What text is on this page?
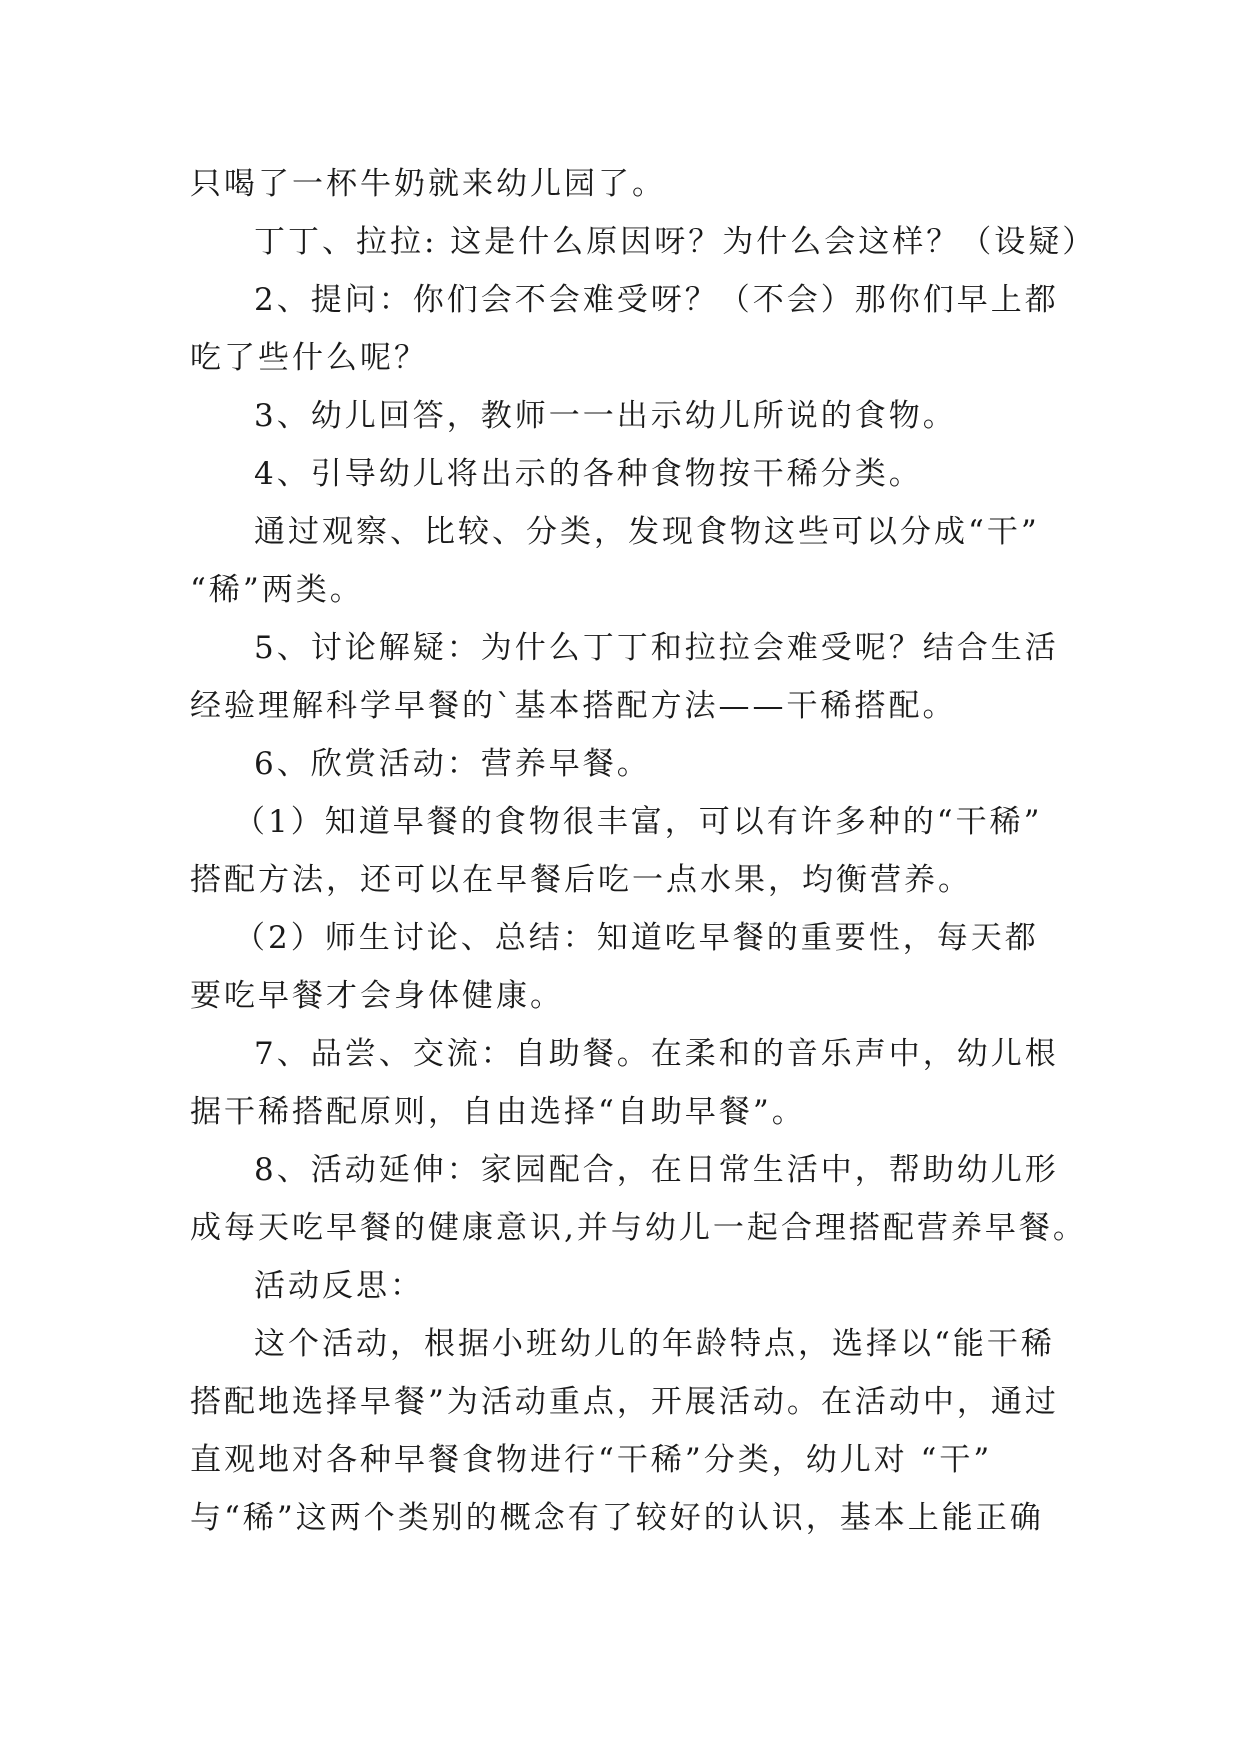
只喝了一杯牛奶就来幼儿园了。
丁丁、拉拉: 这是什么原因呀？为什么会这样？（设疑）
2、提问：你们会不会难受呀？（不会）那你们早上都
吃了些什么呢？
3、幼儿回答，教师一一出示幼儿所说的食物。
4、引导幼儿将出示的各种食物按干稀分类。
通过观察、比较、分类，发现食物这些可以分成“干”
“稀”两类。
5、讨论解疑：为什么丁丁和拉拉会难受呢？结合生活
经验理解科学早餐的`基本搭配方法——干稀搭配。
6、欣赏活动：营养早餐。
（1）知道早餐的食物很丰富，可以有许多种的“干稀”
搭配方法，还可以在早餐后吃一点水果，均衡营养。
（2）师生讨论、总结：知道吃早餐的重要性，每天都
要吃早餐才会身体健康。
7、品尝、交流：自助餐。在柔和的音乐声中，幼儿根
据干稀搭配原则，自由选择“自助早餐”。
8、活动延伸：家园配合，在日常生活中，帮助幼儿形
成每天吃早餐的健康意识,并与幼儿一起合理搭配营养早餐。
活动反思：
这个活动，根据小班幼儿的年龄特点，选择以“能干稀
搭配地选择早餐”为活动重点，开展活动。在活动中，通过
直观地对各种早餐食物进行“干稀”分类，幼儿对 “干”
与“稀”这两个类别的概念有了较好的认识，基本上能正确
